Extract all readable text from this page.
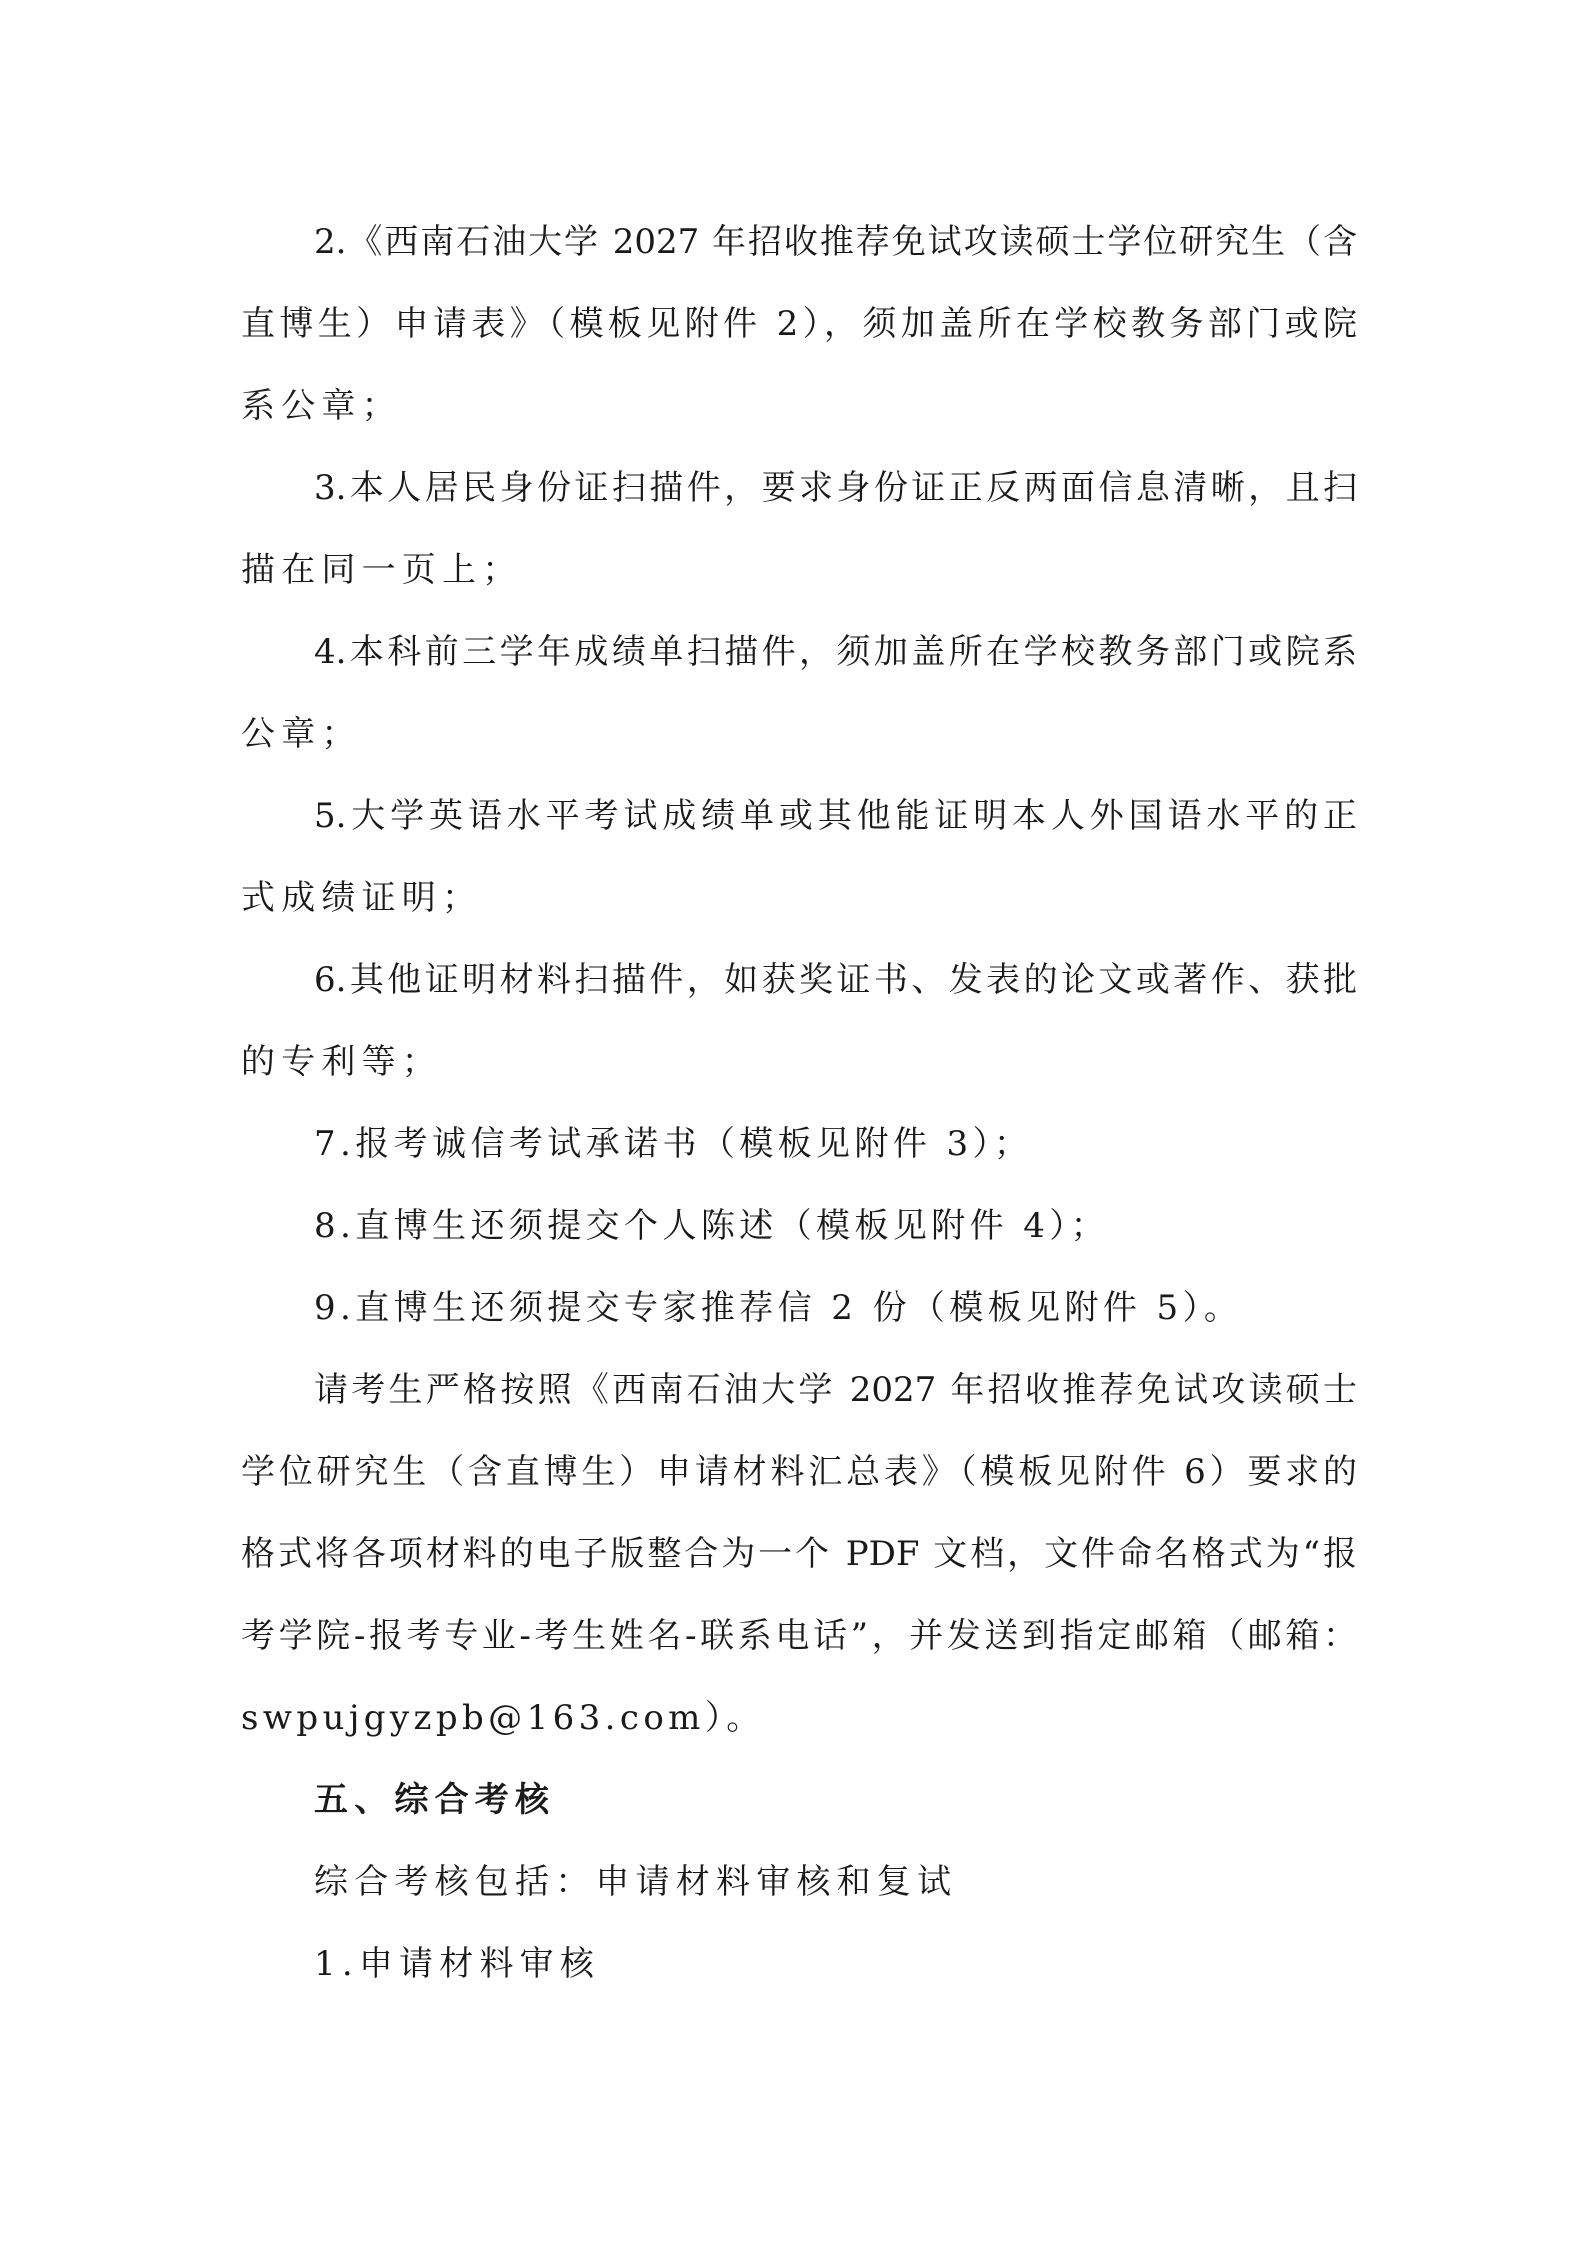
2.《西南石油大学 2027 年招收推荐免试攻读硕士学位研究生（含

直博生）申请表》（模板见附件 2），须加盖所在学校教务部门或院

系公章；

3.本人居民身份证扫描件，要求身份证正反两面信息清晰，且扫

描在同一页上；

4.本科前三学年成绩单扫描件，须加盖所在学校教务部门或院系

公章；

5.大学英语水平考试成绩单或其他能证明本人外国语水平的正

式成绩证明；

6.其他证明材料扫描件，如获奖证书、发表的论文或著作、获批

的专利等；

7.报考诚信考试承诺书（模板见附件 3）；

8.直博生还须提交个人陈述（模板见附件 4）；

9.直博生还须提交专家推荐信 2 份（模板见附件 5）。

请考生严格按照《西南石油大学 2027 年招收推荐免试攻读硕士

学位研究生（含直博生）申请材料汇总表》（模板见附件 6）要求的

格式将各项材料的电子版整合为一个 PDF 文档，文件命名格式为“报

考学院-报考专业-考生姓名-联系电话”，并发送到指定邮箱（邮箱：

swpujgyzpb@163.com）。

五、综合考核

综合考核包括：申请材料审核和复试

1.申请材料审核
